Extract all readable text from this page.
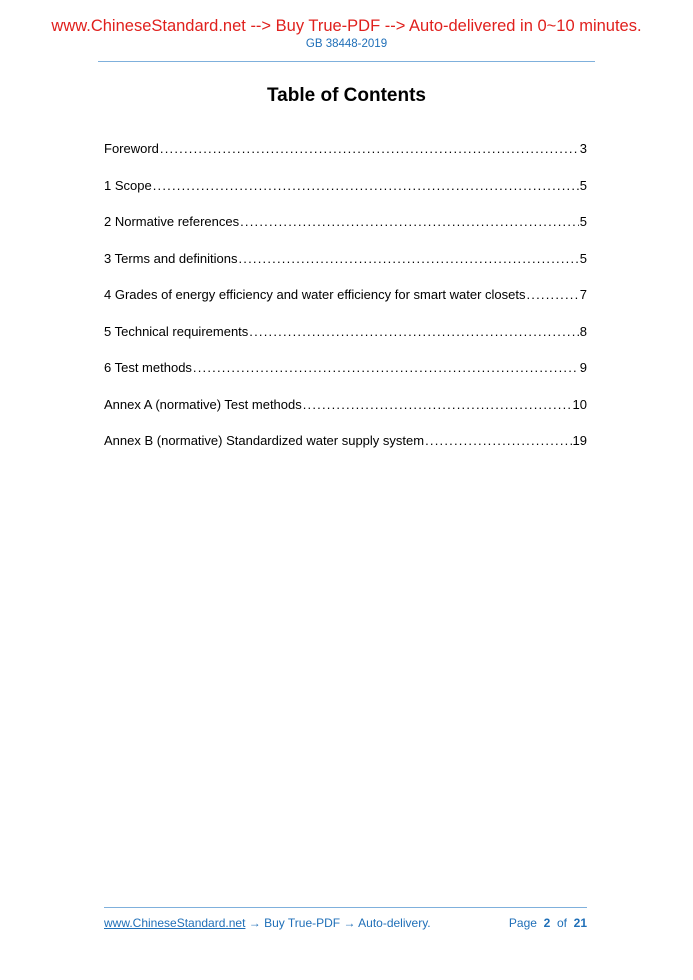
www.ChineseStandard.net --> Buy True-PDF --> Auto-delivered in 0~10 minutes.
GB 38448-2019
Table of Contents
Foreword .....	3
1 Scope .....	5
2 Normative references .....	5
3 Terms and definitions .....	5
4 Grades of energy efficiency and water efficiency for smart water closets .....	7
5 Technical requirements .....	8
6 Test methods .....	9
Annex A (normative) Test methods .....	10
Annex B (normative) Standardized water supply system .....	19
www.ChineseStandard.net → Buy True-PDF → Auto-delivery.	Page 2 of 21
